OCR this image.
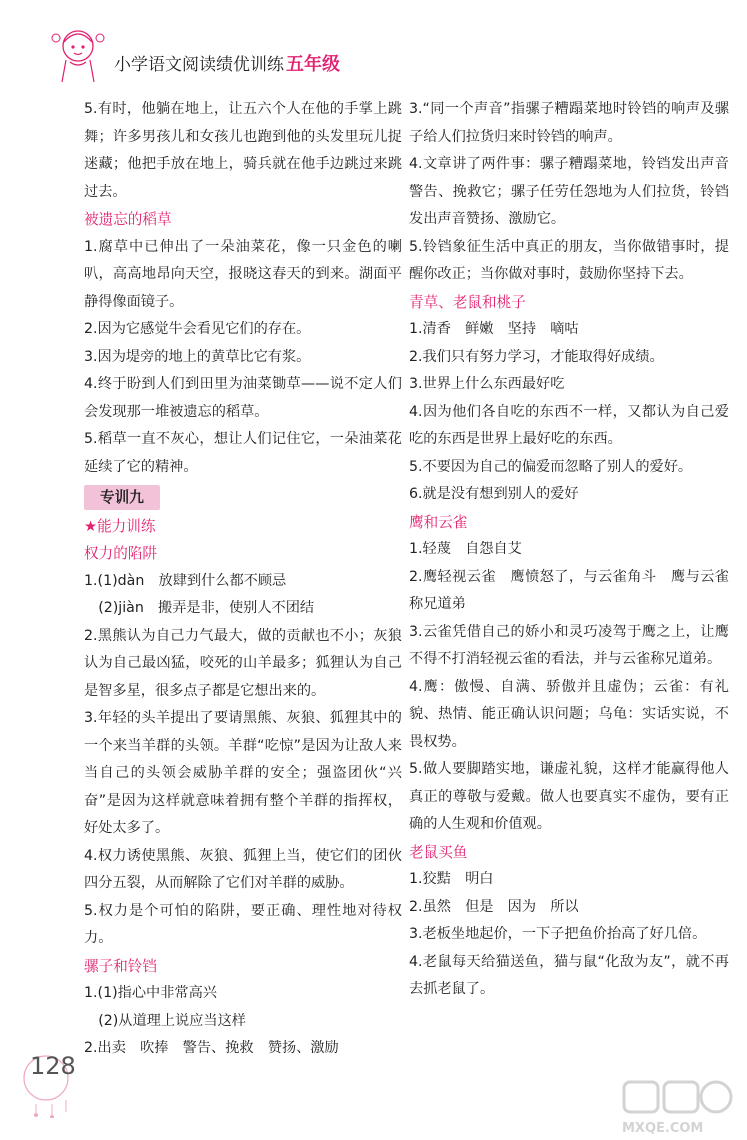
小学语文阅读绩优训练 五年级

5.有时，他躺在地上，让五六个人在他的手掌上跳舞；许多男孩儿和女孩儿也跑到他的头发里玩儿捉迷藏；他把手放在地上，骑兵就在他手边跳过来跳过去。

被遗忘的稻草

1.腐草中已伸出了一朵油菜花，像一只金色的喇叭，高高地昂向天空，报晓这春天的到来。湖面平静得像面镜子。

2.因为它感觉牛会看见它们的存在。

3.因为堤旁的地上的黄草比它有浆。

4.终于盼到人们到田里为油菜锄草——说不定人们会发现那一堆被遗忘的稻草。

5.稻草一直不灰心，想让人们记住它，一朵油菜花延续了它的精神。

专训九

★能力训练

权力的陷阱

1.(1)dàn　放肆到什么都不顾忌

　(2)jiàn　搬弄是非，使别人不团结

2.黑熊认为自己力气最大，做的贡献也不小；灰狼认为自己最凶猛，咬死的山羊最多；狐狸认为自己是智多星，很多点子都是它想出来的。

3.年轻的头羊提出了要请黑熊、灰狼、狐狸其中的一个来当羊群的头领。羊群“吃惊”是因为让敌人来当自己的头领会威胁羊群的安全；强盗团伙“兴奋”是因为这样就意味着拥有整个羊群的指挥权，好处太多了。

4.权力诱使黑熊、灰狼、狐狸上当，使它们的团伙四分五裂，从而解除了它们对羊群的威胁。

5.权力是个可怕的陷阱，要正确、理性地对待权力。

骡子和铃铛

1.(1)指心中非常高兴

　(2)从道理上说应当这样

2.出卖　吹捧　警告、挽救　赞扬、激励

3.“同一个声音”指骡子糟蹋菜地时铃铛的响声及骡子给人们拉货归来时铃铛的响声。

4.文章讲了两件事：骡子糟蹋菜地，铃铛发出声音警告、挽救它；骡子任劳任怨地为人们拉货，铃铛发出声音赞扬、激励它。

5.铃铛象征生活中真正的朋友，当你做错事时，提醒你改正；当你做对事时，鼓励你坚持下去。

青草、老鼠和桃子

1.清香　鲜嫩　坚持　嘀咕

2.我们只有努力学习，才能取得好成绩。

3.世界上什么东西最好吃

4.因为他们各自吃的东西不一样，又都认为自己爱吃的东西是世界上最好吃的东西。

5.不要因为自己的偏爱而忽略了别人的爱好。

6.就是没有想到别人的爱好

鹰和云雀

1.轻蔑　自怨自艾

2.鹰轻视云雀　鹰愤怒了，与云雀角斗　鹰与云雀称兄道弟

3.云雀凭借自己的娇小和灵巧凌驾于鹰之上，让鹰不得不打消轻视云雀的看法，并与云雀称兄道弟。

4.鹰：傲慢、自满、骄傲并且虚伪；云雀：有礼貌、热情、能正确认识问题；乌龟：实话实说，不畏权势。

5.做人要脚踏实地，谦虚礼貌，这样才能赢得他人真正的尊敬与爱戴。做人也要真实不虚伪，要有正确的人生观和价值观。

老鼠买鱼

1.狡黠　明白

2.虽然　但是　因为　所以

3.老板坐地起价，一下子把鱼价抬高了好几倍。

4.老鼠每天给猫送鱼，猫与鼠“化敌为友”，就不再去抓老鼠了。

128
MXQE.COM
